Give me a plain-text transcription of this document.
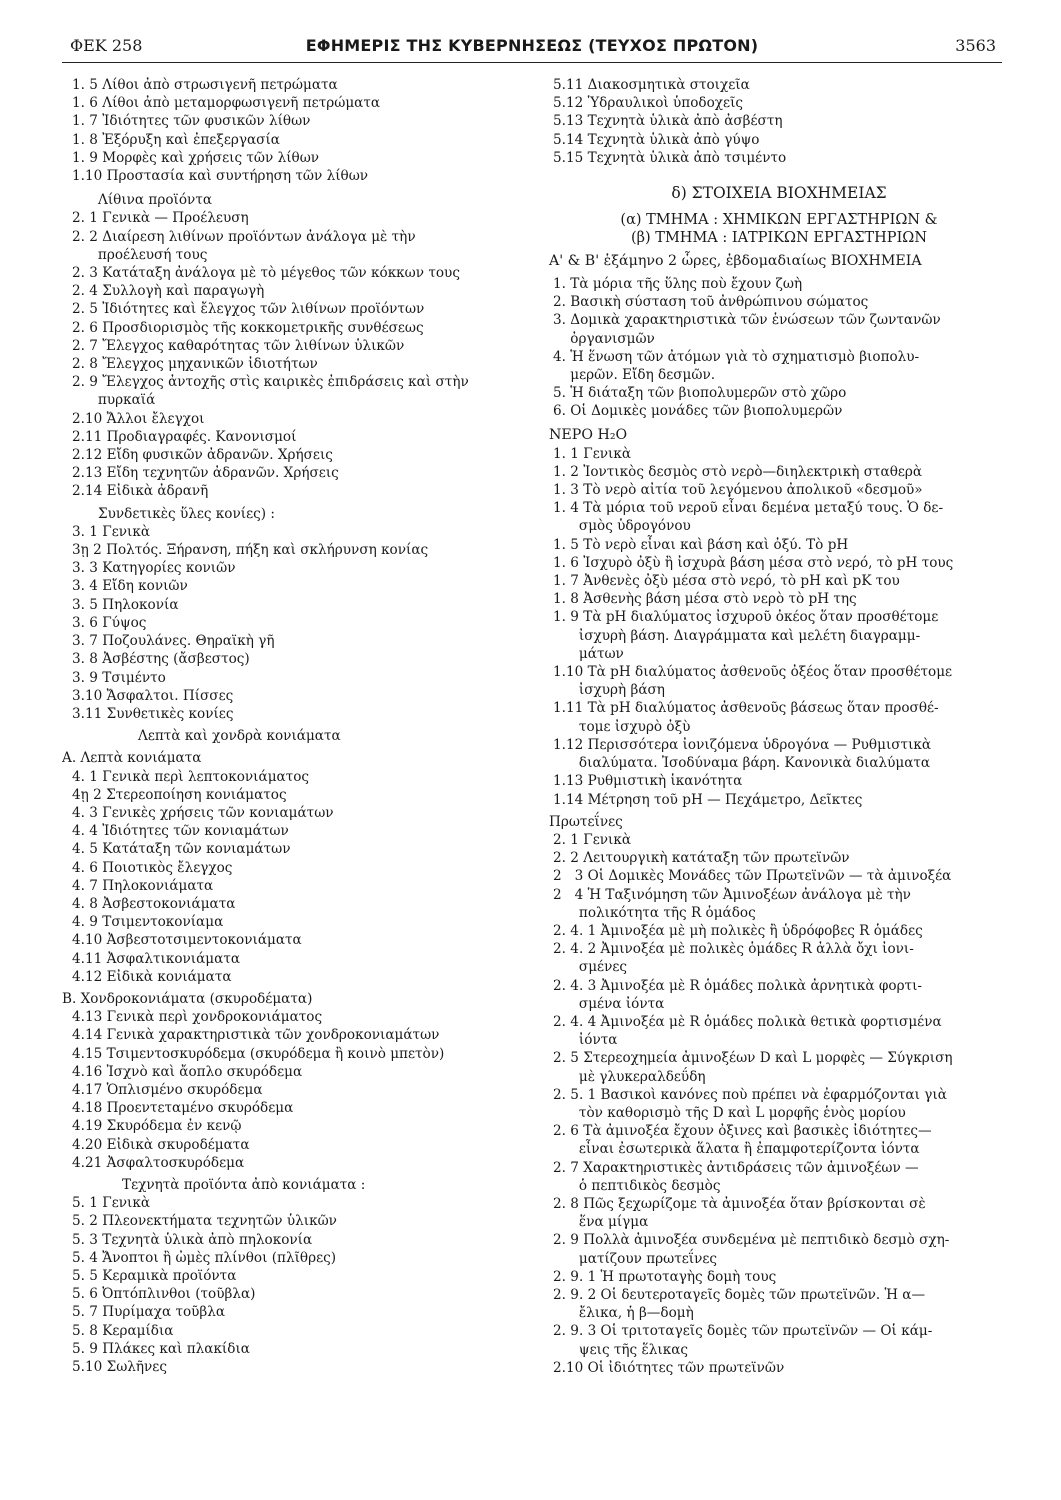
ΦΕΚ 258	ΕΦΗΜΕΡΙΣ ΤΗΣ ΚΥΒΕΡΝΗΣΕΩΣ (ΤΕΥΧΟΣ ΠΡΩΤΟΝ)	3563
1. 5 Λίθοι ἀπὸ στρωσιγενῆ πετρώματα
1. 6 Λίθοι ἀπὸ μεταμορφωσιγενῆ πετρώματα
1. 7 Ἰδιότητες τῶν φυσικῶν λίθων
1. 8 Ἐξόρυξη καὶ ἐπεξεργασία
1. 9 Μορφὲς καὶ χρήσεις τῶν λίθων
1.10 Προστασία καὶ συντήρηση τῶν λίθων
Λίθινα προϊόντα
2. 1 Γενικὰ — Προέλευση
2. 2 Διαίρεση λιθίνων προϊόντων ἀνάλογα μὲ τὴν
προέλευσή τους
2. 3 Κατάταξη ἀνάλογα μὲ τὸ μέγεθος τῶν κόκκων τους
2. 4 Συλλογὴ καὶ παραγωγὴ
2. 5 Ἰδιότητες καὶ ἔλεγχος τῶν λιθίνων προϊόντων
2. 6 Προσδιορισμὸς τῆς κοκκομετρικῆς συνθέσεως
2. 7 Ἔλεγχος καθαρότητας τῶν λιθίνων ὑλικῶν
2. 8 Ἔλεγχος μηχανικῶν ἰδιοτήτων
2. 9 Ἔλεγχος ἀντοχῆς στὶς καιρικὲς ἐπιδράσεις καὶ στὴν
πυρκαϊά
2.10 Ἄλλοι ἔλεγχοι
2.11 Προδιαγραφές. Κανονισμοί
2.12 Εἴδη φυσικῶν ἀδρανῶν. Χρήσεις
2.13 Εἴδη τεχνητῶν ἀδρανῶν. Χρήσεις
2.14 Εἰδικὰ ἀδρανῆ
Συνδετικὲς ὕλες κονίες) :
3. 1 Γενικὰ
3ῃ 2 Πολτός. Ξήρανση, πήξη καὶ σκλήρυνση κονίας
3. 3 Κατηγορίες κονιῶν
3. 4 Εἴδη κονιῶν
3. 5 Πηλοκονία
3. 6 Γύψος
3. 7 Ποζουλάνες. Θηραϊκὴ γῆ
3. 8 Ἀσβέστης (ἄσβεστος)
3. 9 Τσιμέντο
3.10 Ἄσφαλτοι. Πίσσες
3.11 Συνθετικὲς κονίες
Λεπτὰ καὶ χονδρὰ κονιάματα
Α. Λεπτὰ κονιάματα
4. 1 Γενικὰ περὶ λεπτοκονιάματος
4ῃ 2 Στερεοποίηση κονιάματος
4. 3 Γενικὲς χρήσεις τῶν κονιαμάτων
4. 4 Ἰδιότητες τῶν κονιαμάτων
4. 5 Κατάταξη τῶν κονιαμάτων
4. 6 Ποιοτικὸς ἔλεγχος
4. 7 Πηλοκονιάματα
4. 8 Ἀσβεστοκονιάματα
4. 9 Τσιμεντοκονίαμα
4.10 Ἀσβεστοτσιμεντοκονιάματα
4.11 Ἀσφαλτικονιάματα
4.12 Εἰδικὰ κονιάματα
Β. Χονδροκονιάματα (σκυροδέματα)
4.13 Γενικὰ περὶ χονδροκονιάματος
4.14 Γενικὰ χαρακτηριστικὰ τῶν χονδροκονιαμάτων
4.15 Τσιμεντοσκυρόδεμα (σκυρόδεμα ἢ κοινὸ μπετὸν)
4.16 Ἰσχνὸ καὶ ἄοπλο σκυρόδεμα
4.17 Ὁπλισμένο σκυρόδεμα
4.18 Προεντεταμένο σκυρόδεμα
4.19 Σκυρόδεμα ἐν κενῷ
4.20 Εἰδικὰ σκυροδέματα
4.21 Ἀσφαλτοσκυρόδεμα
Τεχνητὰ προϊόντα ἀπὸ κονιάματα :
5. 1 Γενικὰ
5. 2 Πλεονεκτήματα τεχνητῶν ὑλικῶν
5. 3 Τεχνητὰ ὑλικὰ ἀπὸ πηλοκονία
5. 4 Ἄνοπτοι ἢ ὠμὲς πλίνθοι (πλῖθρες)
5. 5 Κεραμικὰ προϊόντα
5. 6 Ὀπτόπλινθοι (τοῦβλα)
5. 7 Πυρίμαχα τοῦβλα
5. 8 Κεραμίδια
5. 9 Πλάκες καὶ πλακίδια
5.10 Σωλῆνες
5.11 Διακοσμητικὰ στοιχεῖα
5.12 Ὑδραυλικοὶ ὑποδοχεῖς
5.13 Τεχνητὰ ὑλικὰ ἀπὸ ἀσβέστη
5.14 Τεχνητὰ ὑλικὰ ἀπὸ γύψο
5.15 Τεχνητὰ ὑλικὰ ἀπὸ τσιμέντο
δ) ΣΤΟΙΧΕΙΑ ΒΙΟΧΗΜΕΙΑΣ
(α) ΤΜΗΜΑ : ΧΗΜΙΚΩΝ ΕΡΓΑΣΤΗΡΙΩΝ &
(β) ΤΜΗΜΑ : ΙΑΤΡΙΚΩΝ ΕΡΓΑΣΤΗΡΙΩΝ
Α' & Β' ἑξάμηνο 2 ὧρες, ἑβδομαδιαίως ΒΙΟΧΗΜΕΙΑ
1. Τὰ μόρια τῆς ὕλης ποὺ ἔχουν ζωὴ
2. Βασικὴ σύσταση τοῦ ἀνθρώπινου σώματος
3. Δομικὰ χαρακτηριστικὰ τῶν ἑνώσεων τῶν ζωντανῶν
ὀργανισμῶν
4. Ἡ ἕνωση τῶν ἀτόμων γιὰ τὸ σχηματισμὸ βιοπολυ-
μερῶν. Εἴδη δεσμῶν.
5. Ἡ διάταξη τῶν βιοπολυμερῶν στὸ χῶρο
6. Οἱ Δομικὲς μονάδες τῶν βιοπολυμερῶν
ΝΕΡΟ H₂O
1. 1 Γενικὰ
1. 2 Ἰοντικὸς δεσμὸς στὸ νερὸ—διηλεκτρικὴ σταθερὰ
1. 3 Τὸ νερὸ αἰτία τοῦ λεγόμενου ἀπολικοῦ «δεσμοῦ»
1. 4 Τὰ μόρια τοῦ νεροῦ εἶναι δεμένα μεταξύ τους. Ὁ δε-
σμὸς ὑδρογόνου
1. 5 Τὸ νερὸ εἶναι καὶ βάση καὶ ὀξύ. Τὸ pH
1. 6 Ἰσχυρὸ ὀξὺ ἢ ἰσχυρὰ βάση μέσα στὸ νερό, τὸ pH τους
1. 7 Ἀνθενὲς ὀξὺ μέσα στὸ νερό, τὸ pH καὶ pK του
1. 8 Ἀσθενὴς βάση μέσα στὸ νερὸ τὸ pH της
1. 9 Τὰ pH διαλύματος ἰσχυροῦ ὀκέος ὅταν προσθέτομε
ἰσχυρὴ βάση. Διαγράμματα καὶ μελέτη διαγραμμ-
μάτων
1.10 Τὰ pH διαλύματος ἀσθενοῦς ὀξέος ὅταν προσθέτομε
ἰσχυρὴ βάση
1.11 Τὰ pH διαλύματος ἀσθενοῦς βάσεως ὅταν προσθέ-
τομε ἰσχυρὸ ὀξὺ
1.12 Περισσότερα ἰονιζόμενα ὑδρογόνα — Ρυθμιστικὰ
διαλύματα. Ἰσοδύναμα βάρη. Κανονικὰ διαλύματα
1.13 Ρυθμιστικὴ ἱκανότητα
1.14 Μέτρηση τοῦ pH — Πεχάμετρο, Δεῖκτες
Πρωτεΐνες
2. 1 Γενικὰ
2. 2 Λειτουργικὴ κατάταξη τῶν πρωτεϊνῶν
2   3 Οἱ Δομικὲς Μονάδες τῶν Πρωτεϊνῶν — τὰ ἀμινοξέα
2   4 Ἡ Ταξινόμηση τῶν Ἀμινοξέων ἀνάλογα μὲ τὴν
πολικότητα τῆς R ὁμάδος
2. 4. 1 Ἀμινοξέα μὲ μὴ πολικὲς ἢ ὑδρόφοβες R ὁμάδες
2. 4. 2 Ἀμινοξέα μὲ πολικὲς ὁμάδες R ἀλλὰ ὄχι ἰονι-
σμένες
2. 4. 3 Ἀμινοξέα μὲ R ὁμάδες πολικὰ ἀρνητικὰ φορτι-
σμένα ἰόντα
2. 4. 4 Ἀμινοξέα μὲ R ὁμάδες πολικὰ θετικὰ φορτισμένα
ἰόντα
2. 5 Στερεοχημεία ἀμινοξέων D καὶ L μορφὲς — Σύγκριση
μὲ γλυκεραλδεΰδη
2. 5. 1 Βασικοὶ κανόνες ποὺ πρέπει νὰ ἐφαρμόζονται γιὰ
τὸν καθορισμὸ τῆς D καὶ L μορφῆς ἑνὸς μορίου
2. 6 Τὰ ἀμινοξέα ἔχουν ὀξινες καὶ βασικὲς ἰδιότητες—
εἶναι ἐσωτερικὰ ἅλατα ἢ ἐπαμφοτερίζοντα ἰόντα
2. 7 Χαρακτηριστικὲς ἀντιδράσεις τῶν ἀμινοξέων —
ὁ πεπτιδικὸς δεσμὸς
2. 8 Πῶς ξεχωρίζομε τὰ ἀμινοξέα ὅταν βρίσκονται σὲ
ἕνα μίγμα
2. 9 Πολλὰ ἀμινοξέα συνδεμένα μὲ πεπτιδικὸ δεσμὸ σχη-
ματίζουν πρωτεΐνες
2. 9. 1 Ἡ πρωτοταγὴς δομὴ τους
2. 9. 2 Οἱ δευτεροταγεῖς δομὲς τῶν πρωτεϊνῶν. Ἡ α—
ἔλικα, ἡ β—δομὴ
2. 9. 3 Οἱ τριτοταγεῖς δομὲς τῶν πρωτεϊνῶν — Οἱ κάμ-
ψεις τῆς ἕλικας
2.10 Οἱ ἰδιότητες τῶν πρωτεϊνῶν
